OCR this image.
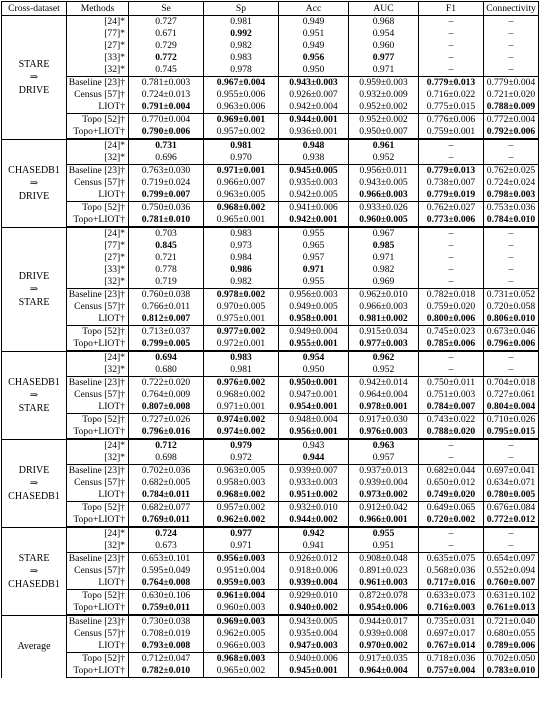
Cross-dataset	Methods	Se	Sp	Acc	AUC	F1	Connectivity
STARE
⇒
DRIVE	[24]*	0.727	0.981	0.949	0.968	–	–
	[77]*	0.671	0.992	0.951	0.954	–	–
	[27]*	0.729	0.982	0.949	0.960	–	–
	[33]*	0.772	0.983	0.956	0.977	–	–
	[32]*	0.745	0.978	0.950	0.971	–	–
	Baseline [23]†	0.781±0.003	0.967±0.004	0.943±0.003	0.959±0.003	0.779±0.013	0.779±0.004
	Census [57]†	0.724±0.013	0.955±0.006	0.926±0.007	0.932±0.009	0.716±0.022	0.721±0.020
	LIOT†	0.791±0.004	0.963±0.006	0.942±0.004	0.952±0.002	0.775±0.015	0.788±0.009
	Topo [52]†	0.770±0.004	0.969±0.001	0.944±0.001	0.952±0.002	0.776±0.006	0.772±0.004
	Topo+LIOT†	0.790±0.006	0.957±0.002	0.936±0.001	0.950±0.007	0.759±0.001	0.792±0.006
CHASEDB1
⇒
DRIVE	[24]*	0.731	0.981	0.948	0.961	–	–
	[32]*	0.696	0.970	0.938	0.952	–	–
	Baseline [23]†	0.763±0.030	0.971±0.001	0.945±0.005	0.956±0.011	0.779±0.013	0.762±0.025
	Census [57]†	0.719±0.024	0.966±0.007	0.935±0.003	0.943±0.005	0.738±0.007	0.724±0.024
	LIOT†	0.799±0.007	0.963±0.005	0.942±0.005	0.966±0.003	0.779±0.019	0.798±0.003
	Topo [52]†	0.750±0.036	0.968±0.002	0.941±0.006	0.933±0.026	0.762±0.027	0.753±0.036
	Topo+LIOT†	0.781±0.010	0.965±0.001	0.942±0.001	0.960±0.005	0.773±0.006	0.784±0.010
DRIVE
⇒
STARE	[24]*	0.703	0.983	0.955	0.967	–	–
	[77]*	0.845	0.973	0.965	0.985	–	–
	[27]*	0.721	0.984	0.957	0.971	–	–
	[33]*	0.778	0.986	0.971	0.982	–	–
	[32]*	0.719	0.982	0.955	0.969	–	–
	Baseline [23]†	0.760±0.038	0.978±0.002	0.956±0.003	0.962±0.010	0.782±0.018	0.731±0.052
	Census [57]†	0.766±0.011	0.970±0.005	0.949±0.005	0.966±0.003	0.759±0.020	0.720±0.058
	LIOT†	0.812±0.007	0.975±0.001	0.958±0.001	0.981±0.002	0.800±0.006	0.806±0.010
	Topo [52]†	0.713±0.037	0.977±0.002	0.949±0.004	0.915±0.034	0.745±0.023	0.673±0.046
	Topo+LIOT†	0.799±0.005	0.972±0.001	0.955±0.001	0.977±0.003	0.785±0.006	0.796±0.006
CHASEDB1
⇒
STARE	[24]*	0.694	0.983	0.954	0.962	–	–
	[32]*	0.680	0.981	0.950	0.952	–	–
	Baseline [23]†	0.722±0.020	0.976±0.002	0.950±0.001	0.942±0.014	0.750±0.011	0.704±0.018
	Census [57]†	0.764±0.009	0.968±0.002	0.947±0.001	0.964±0.004	0.751±0.003	0.727±0.061
	LIOT†	0.807±0.008	0.971±0.001	0.954±0.001	0.978±0.001	0.784±0.007	0.804±0.004
	Topo [52]†	0.727±0.026	0.974±0.002	0.948±0.004	0.917±0.030	0.743±0.022	0.710±0.026
	Topo+LIOT†	0.796±0.016	0.974±0.002	0.956±0.001	0.976±0.003	0.788±0.020	0.795±0.015
DRIVE
⇒
CHASEDB1	[24]*	0.712	0.979	0.943	0.963	–	–
	[32]*	0.698	0.972	0.944	0.957	–	–
	Baseline [23]†	0.702±0.036	0.963±0.005	0.939±0.007	0.937±0.013	0.682±0.044	0.697±0.041
	Census [57]†	0.682±0.005	0.958±0.003	0.933±0.003	0.939±0.004	0.650±0.012	0.634±0.071
	LIOT†	0.784±0.011	0.968±0.002	0.951±0.002	0.973±0.002	0.749±0.020	0.780±0.005
	Topo [52]†	0.682±0.077	0.957±0.002	0.932±0.010	0.912±0.042	0.649±0.065	0.676±0.084
	Topo+LIOT†	0.769±0.011	0.962±0.002	0.944±0.002	0.966±0.001	0.720±0.002	0.772±0.012
STARE
⇒
CHASEDB1	[24]*	0.724	0.977	0.942	0.955	–	–
	[32]*	0.673	0.971	0.941	0.951	–	–
	Baseline [23]†	0.653±0.101	0.956±0.003	0.926±0.012	0.908±0.048	0.635±0.075	0.654±0.097
	Census [57]†	0.595±0.049	0.951±0.004	0.918±0.006	0.891±0.023	0.568±0.036	0.552±0.094
	LIOT†	0.764±0.008	0.959±0.003	0.939±0.004	0.961±0.003	0.717±0.016	0.760±0.007
	Topo [52]†	0.630±0.106	0.961±0.004	0.929±0.010	0.872±0.078	0.633±0.073	0.631±0.102
	Topo+LIOT†	0.759±0.011	0.960±0.003	0.940±0.002	0.954±0.006	0.716±0.003	0.761±0.013
Average	Baseline [23]†	0.730±0.038	0.969±0.003	0.943±0.005	0.944±0.017	0.735±0.031	0.721±0.040
	Census [57]†	0.708±0.019	0.962±0.005	0.935±0.004	0.939±0.008	0.697±0.017	0.680±0.055
	LIOT†	0.793±0.008	0.966±0.003	0.947±0.003	0.970±0.002	0.767±0.014	0.789±0.006
	Topo [52]†	0.712±0.047	0.968±0.003	0.940±0.006	0.917±0.035	0.718±0.036	0.702±0.050
	Topo+LIOT†	0.782±0.010	0.965±0.002	0.945±0.001	0.964±0.004	0.757±0.004	0.783±0.010
